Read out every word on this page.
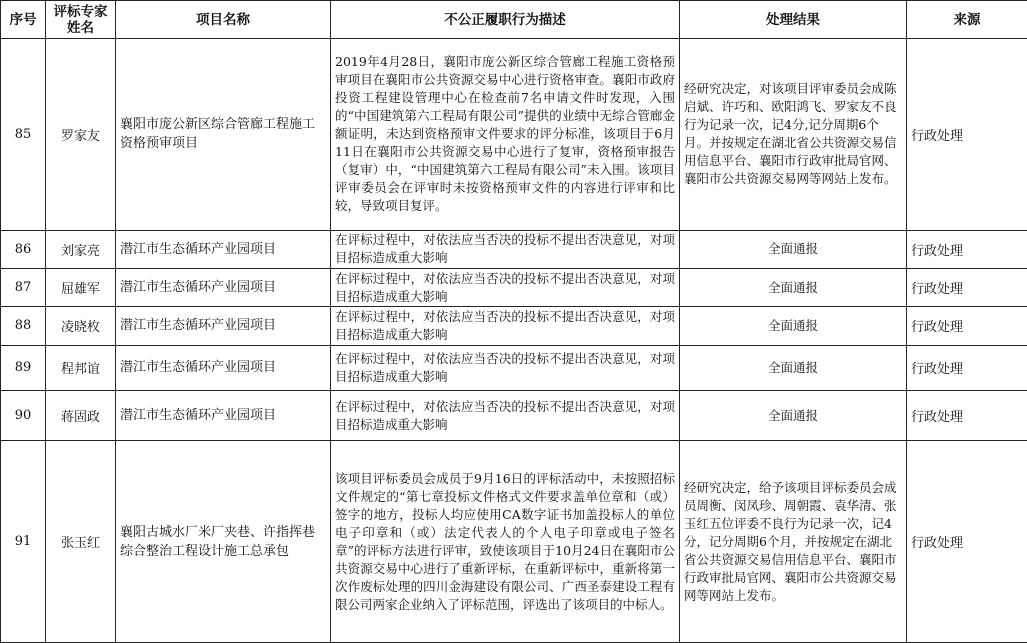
序号	评标专家姓名	项目名称	不公正履职行为描述	处理结果	来源
85	罗家友	襄阳市庞公新区综合管廊工程施工资格预审项目	2019年4月28日，襄阳市庞公新区综合管廊工程施工资格预审项目在襄阳市公共资源交易中心进行资格审查。襄阳市政府投资工程建设管理中心在检查前7名申请文件时发现，入围的“中国建筑第六工程局有限公司”提供的业绩中无综合管廊金额证明，未达到资格预审文件要求的评分标准，该项目于6月11日在襄阳市公共资源交易中心进行了复审，资格预审报告（复审）中，“中国建筑第六工程局有限公司”未入围。该项目评审委员会在评审时未按资格预审文件的内容进行评审和比较，导致项目复评。	经研究决定，对该项目评审委员会成陈启斌、许巧和、欧阳鸿飞、罗家友不良行为记录一次，记4分,记分周期6个月。并按规定在湖北省公共资源交易信用信息平台、襄阳市行政审批局官网、襄阳市公共资源交易网等网站上发布。	行政处理
86	刘家亮	潜江市生态循环产业园项目	在评标过程中，对依法应当否决的投标不提出否决意见，对项目招标造成重大影响	全面通报	行政处理
87	屈雄军	潜江市生态循环产业园项目	在评标过程中，对依法应当否决的投标不提出否决意见，对项目招标造成重大影响	全面通报	行政处理
88	凌晓枚	潜江市生态循环产业园项目	在评标过程中，对依法应当否决的投标不提出否决意见，对项目招标造成重大影响	全面通报	行政处理
89	程邦谊	潜江市生态循环产业园项目	在评标过程中，对依法应当否决的投标不提出否决意见，对项目招标造成重大影响	全面通报	行政处理
90	蒋固政	潜江市生态循环产业园项目	在评标过程中，对依法应当否决的投标不提出否决意见，对项目招标造成重大影响	全面通报	行政处理
91	张玉红	襄阳古城水厂米厂夹巷、许指挥巷综合整治工程设计施工总承包	该项目评标委员会成员于9月16日的评标活动中，未按照招标文件规定的“第七章投标文件格式文件要求盖单位章和（或）签字的地方，投标人均应使用CA数字证书加盖投标人的单位电子印章和（或）法定代表人的个人电子印章或电子签名章”的评标方法进行评审，致使该项目于10月24日在襄阳市公共资源交易中心进行了重新评标，在重新评标中，重新将第一次作废标处理的四川金海建设有限公司、广西圣泰建设工程有限公司两家企业纳入了评标范围，评选出了该项目的中标人。	经研究决定，给予该项目评标委员会成员周衡、闵凤珍、周朝霞、袁华清、张玉红五位评委不良行为记录一次，记4分，记分周期6个月，并按规定在湖北省公共资源交易信用信息平台、襄阳市行政审批局官网、襄阳市公共资源交易网等网站上发布。	行政处理
